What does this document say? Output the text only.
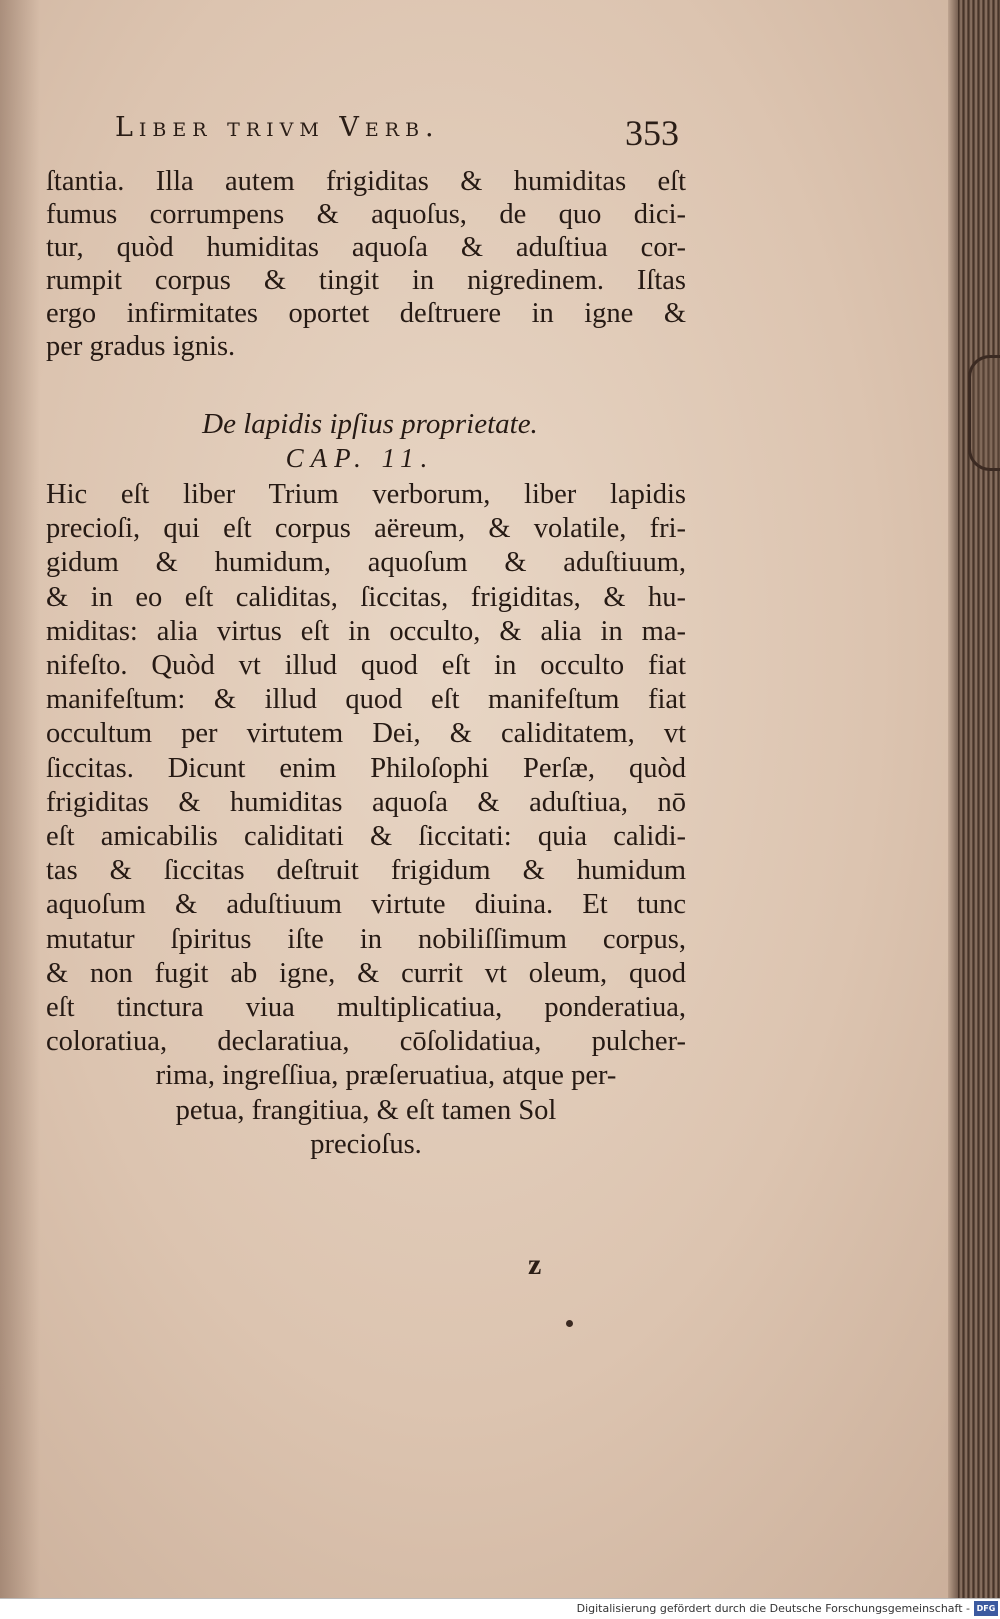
Liber trivm Verb.	353
ſtantia. Illa autem frigiditas & humiditas eſt
fumus corrumpens & aquoſus, de quo dici-
tur, quòd humiditas aquoſa & aduſtiua cor-
rumpit corpus & tingit in nigredinem. Iſtas
ergo infirmitates oportet deſtruere in igne &
per gradus ignis.
De lapidis ipſius proprietate.
CAP. 11.
Hic eſt liber Trium verborum, liber lapidis
precioſi, qui eſt corpus aëreum, & volatile, fri-
gidum & humidum, aquoſum & aduſtiuum,
& in eo eſt caliditas, ſiccitas, frigiditas, & hu-
miditas: alia virtus eſt in occulto, & alia in ma-
nifeſto. Quòd vt illud quod eſt in occulto fiat
manifeſtum: & illud quod eſt manifeſtum fiat
occultum per virtutem Dei, & caliditatem, vt
ſiccitas. Dicunt enim Philoſophi Perſæ, quòd
frigiditas & humiditas aquoſa & aduſtiua, nō
eſt amicabilis caliditati & ſiccitati: quia calidi-
tas & ſiccitas deſtruit frigidum & humidum
aquoſum & aduſtiuum virtute diuina. Et tunc
mutatur ſpiritus iſte in nobiliſſimum corpus,
& non fugit ab igne, & currit vt oleum, quod
eſt tinctura viua multiplicatiua, ponderatiua,
coloratiua, declaratiua, cōſolidatiua, pulcher-
rima, ingreſſiua, præſeruatiua, atque per-
petua, frangitiua, & eſt tamen Sol
precioſus.
z
Digitalisierung gefördert durch die Deutsche Forschungsgemeinschaft - DFG
